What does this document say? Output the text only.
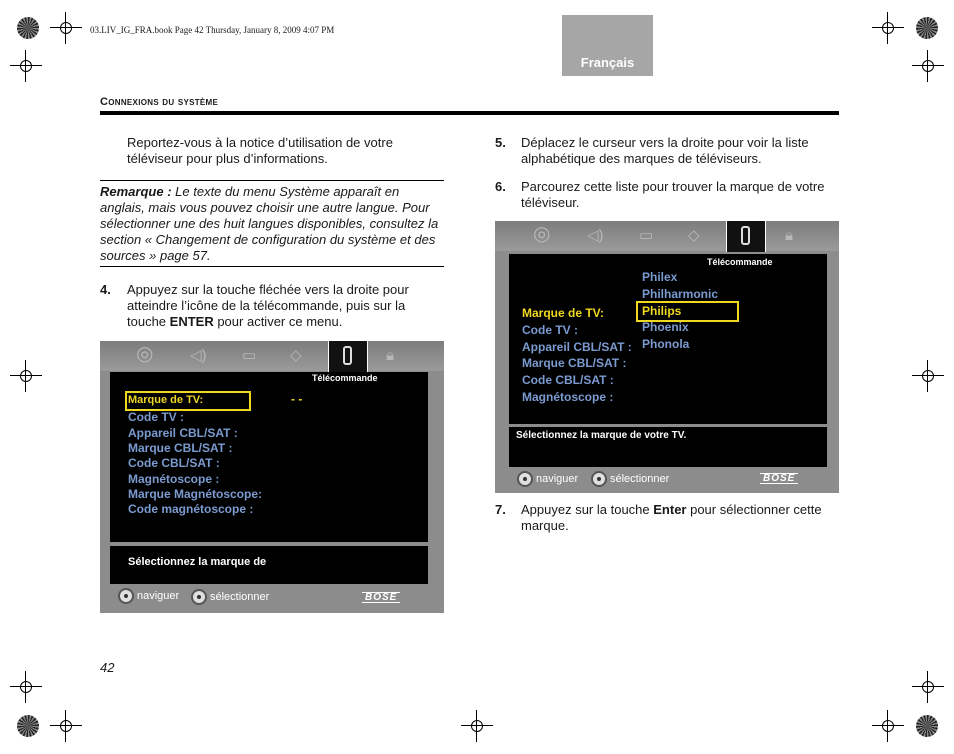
03.LIV_IG_FRA.book Page 42 Thursday, January 8, 2009 4:07 PM
Français
Connexions du système
Reportez-vous à la notice d’utilisation de votre téléviseur pour plus d’informations.
Remarque : Le texte du menu Système apparaît en anglais, mais vous pouvez choisir une autre langue. Pour sélectionner une des huit langues disponibles, consultez la section « Changement de configuration du système et des sources » page 57.
4. Appuyez sur la touche fléchée vers la droite pour atteindre l’icône de la télécommande, puis sur la touche ENTER pour activer ce menu.
◎ ◁) ▭ ◇	🔒︎
Télécommande
Marque de TV:	- -
Code TV :
Appareil CBL/SAT :
Marque CBL/SAT :
Code CBL/SAT :
Magnétoscope :
Marque Magnétoscope:
Code magnétoscope :
Sélectionnez la marque de
naviguer	sélectionner	BOSE
42
5. Déplacez le curseur vers la droite pour voir la liste alphabétique des marques de téléviseurs.
6. Parcourez cette liste pour trouver la marque de votre téléviseur.
◎ ◁) ▭ ◇	🔒︎
Télécommande
Philex
Philharmonic
Philips
Phoenix
Phonola
Marque de TV:
Code TV :
Appareil CBL/SAT :
Marque CBL/SAT :
Code CBL/SAT :
Magnétoscope :
Sélectionnez la marque de votre TV.
naviguer	sélectionner	BOSE
7. Appuyez sur la touche Enter pour sélectionner cette marque.
